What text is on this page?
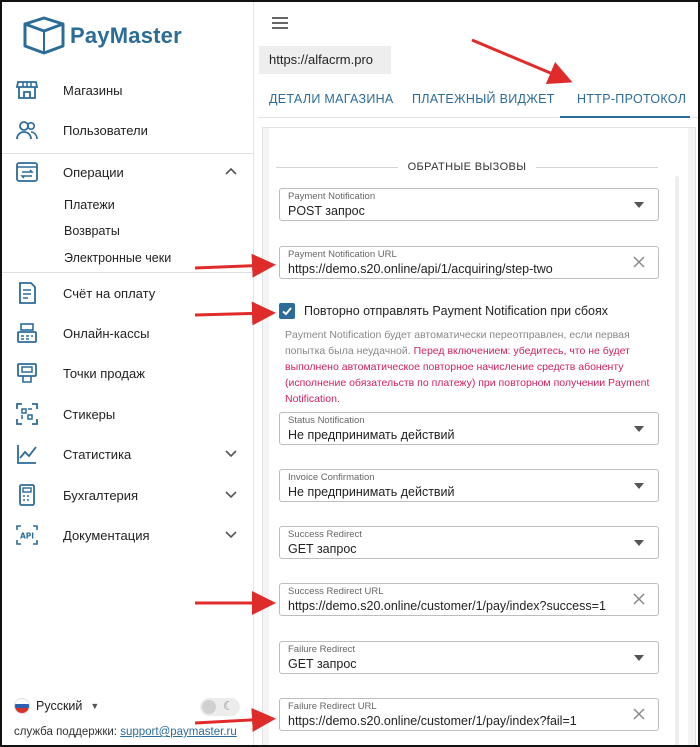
PayMaster
Магазины
Пользователи
Операции
Платежи
Возвраты
Электронные чеки
Счёт на оплату
Онлайн-кассы
Точки продаж
Стикеры
Статистика
Бухгалтерия
API Документация
Русский ▼	☾
служба поддержки: support@paymaster.ru
https://alfacrm.pro
ДЕТАЛИ МАГАЗИНА ПЛАТЕЖНЫЙ ВИДЖЕТ HTTP-ПРОТОКОЛ
ОБРАТНЫЕ ВЫЗОВЫ
Payment Notification
POST запрос
Payment Notification URL
https://demo.s20.online/api/1/acquiring/step-two
Повторно отправлять Payment Notification при сбоях
Payment Notification будет автоматически переотправлен, если первая попытка была неудачной. Перед включением: убедитесь, что не будет выполнено автоматическое повторное начисление средств абоненту (исполнение обязательств по платежу) при повторном получении Payment Notification.
Status Notification
Не предпринимать действий
Invoice Confirmation
Не предпринимать действий
Success Redirect
GET запрос
Success Redirect URL
https://demo.s20.online/customer/1/pay/index?success=1
Failure Redirect
GET запрос
Failure Redirect URL
https://demo.s20.online/customer/1/pay/index?fail=1
